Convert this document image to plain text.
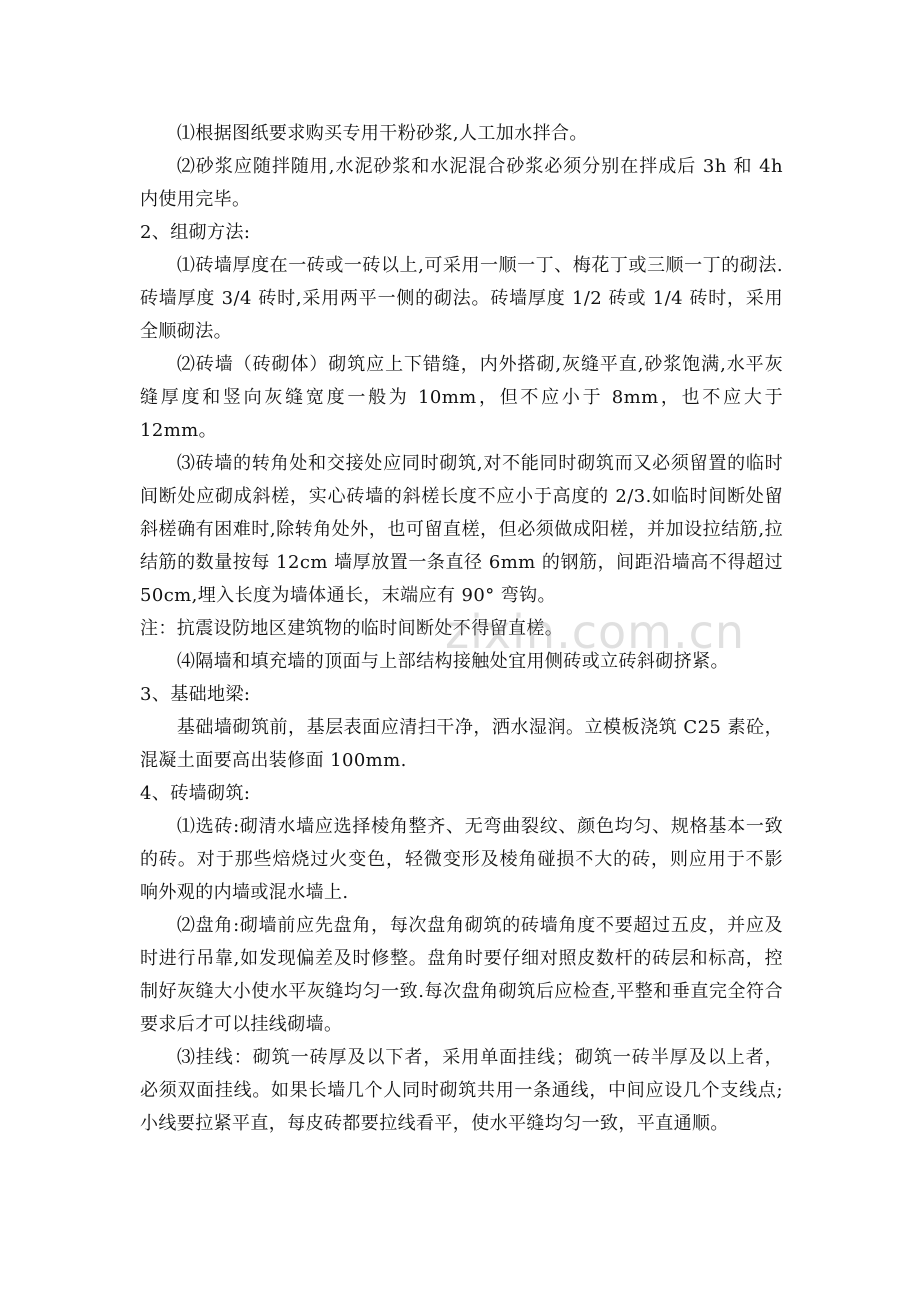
⑴根据图纸要求购买专用干粉砂浆,人工加水拌合。

⑵砂浆应随拌随用,水泥砂浆和水泥混合砂浆必须分别在拌成后 3h 和 4h 内使用完毕。

2、组砌方法:

⑴砖墙厚度在一砖或一砖以上,可采用一顺一丁、梅花丁或三顺一丁的砌法.砖墙厚度 3/4 砖时,采用两平一侧的砌法。砖墙厚度 1/2 砖或 1/4 砖时，采用全顺砌法。

⑵砖墙（砖砌体）砌筑应上下错缝，内外搭砌,灰缝平直,砂浆饱满,水平灰缝厚度和竖向灰缝宽度一般为 10mm，但不应小于 8mm，也不应大于 12mm。

⑶砖墙的转角处和交接处应同时砌筑,对不能同时砌筑而又必须留置的临时间断处应砌成斜槎，实心砖墙的斜槎长度不应小于高度的 2/3.如临时间断处留斜槎确有困难时,除转角处外，也可留直槎，但必须做成阳槎，并加设拉结筋,拉结筋的数量按每 12cm 墙厚放置一条直径 6mm 的钢筋，间距沿墙高不得超过 50cm,埋入长度为墙体通长，末端应有 90° 弯钩。

注：抗震设防地区建筑物的临时间断处不得留直槎。

⑷隔墙和填充墙的顶面与上部结构接触处宜用侧砖或立砖斜砌挤紧。

3、基础地梁:

基础墙砌筑前，基层表面应清扫干净，洒水湿润。立模板浇筑 C25 素砼，混凝土面要高出装修面 100mm.

4、砖墙砌筑:

⑴选砖:砌清水墙应选择棱角整齐、无弯曲裂纹、颜色均匀、规格基本一致的砖。对于那些焙烧过火变色，轻微变形及棱角碰损不大的砖，则应用于不影响外观的内墙或混水墙上.

⑵盘角:砌墙前应先盘角，每次盘角砌筑的砖墙角度不要超过五皮，并应及时进行吊靠,如发现偏差及时修整。盘角时要仔细对照皮数杆的砖层和标高，控制好灰缝大小使水平灰缝均匀一致.每次盘角砌筑后应检查,平整和垂直完全符合要求后才可以挂线砌墙。

⑶挂线：砌筑一砖厚及以下者，采用单面挂线；砌筑一砖半厚及以上者，必须双面挂线。如果长墙几个人同时砌筑共用一条通线，中间应设几个支线点;小线要拉紧平直，每皮砖都要拉线看平，使水平缝均匀一致，平直通顺。

zixin.com.cn
